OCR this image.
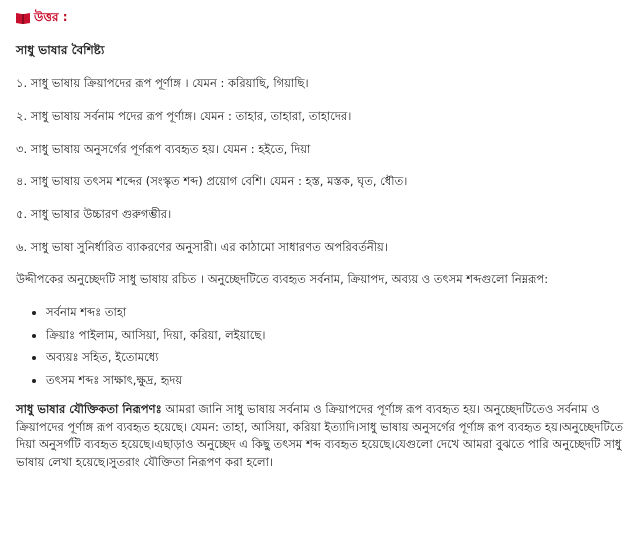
উত্তর :
সাধু ভাষার বৈশিষ্ট্য
১. সাধু ভাষায় ক্রিয়াপদের রূপ পূর্ণাঙ্গ । যেমন : করিয়াছি, গিয়াছি।
২. সাধু ভাষায় সর্বনাম পদের রূপ পূর্ণাঙ্গ। যেমন : তাহার, তাহারা, তাহাদের।
৩. সাধু ভাষায় অনুসর্গের পূর্ণরূপ ব্যবহৃত হয়। যেমন : হইতে, দিয়া
৪. সাধু ভাষায় তৎসম শব্দের (সংস্কৃত শব্দ) প্রয়োগ বেশি। যেমন : হস্ত, মস্তক, ঘৃত, ধৌত।
৫. সাধু ভাষার উচ্চারণ গুরুগম্ভীর।
৬. সাধু ভাষা সুনির্ধারিত ব্যাকরণের অনুসারী। এর কাঠামো সাধারণত অপরিবর্তনীয়।
উদ্দীপকের অনুচ্ছেদটি সাধু ভাষায় রচিত । অনুচ্ছেদটিতে ব্যবহৃত সর্বনাম, ক্রিয়াপদ, অব্যয় ও তৎসম শব্দগুলো নিম্নরূপ:
• সর্বনাম শব্দঃ তাহা
• ক্রিয়াঃ পাইলাম, আসিয়া, দিয়া, করিয়া, লইয়াছে।
• অব্যয়ঃ সহিত, ইতোমধ্যে
• তৎসম শব্দঃ সাক্ষাৎ,ক্ষুদ্র, হৃদয়

সাধু ভাষার যৌক্তিকতা নিরূপণঃ আমরা জানি সাধু ভাষায় সর্বনাম ও ক্রিয়াপদের পূর্ণাঙ্গ রূপ ব্যবহৃত হয়। অনুচ্ছেদটিতেও সর্বনাম ও ক্রিয়াপদের পূর্ণাঙ্গ রূপ ব্যবহৃত হয়েছে। যেমন: তাহা, আসিয়া, করিয়া ইত্যাদি।সাধু ভাষায় অনুসর্গের পূর্ণাঙ্গ রূপ ব্যবহৃত হয়।অনুচ্ছেদটিতে দিয়া অনুসর্গটি ব্যবহৃত হয়েছে।এছাড়াও অনুচ্ছেদ এ কিছু তৎসম শব্দ ব্যবহৃত হয়েছে।যেগুলো দেখে আমরা বুঝতে পারি অনুচ্ছেদটি সাধু ভাষায় লেখা হয়েছে।সুতরাং যৌক্তিতা নিরূপণ করা হলো।
